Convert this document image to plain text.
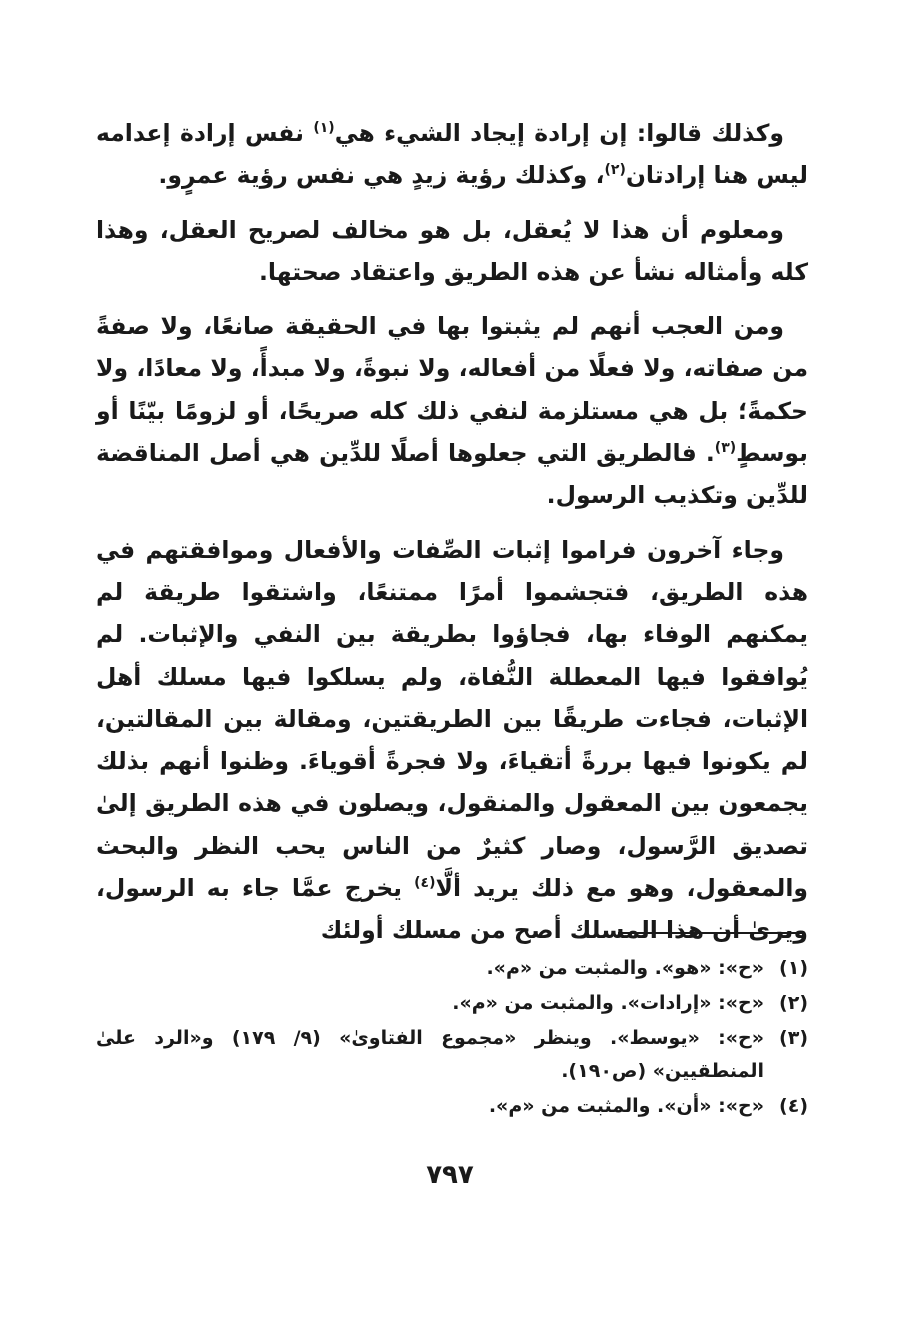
وكذلك قالوا: إن إرادة إيجاد الشيء هي$^{(١)}$ نفس إرادة إعدامه ليس هنا إرادتان$^{(٢)}$، وكذلك رؤية زيدٍ هي نفس رؤية عمرٍو.

ومعلوم أن هذا لا يُعقل، بل هو مخالف لصريح العقل، وهذا كله وأمثاله نشأ عن هذه الطريق واعتقاد صحتها.

ومن العجب أنهم لم يثبتوا بها في الحقيقة صانعًا، ولا صفةً من صفاته، ولا فعلًا من أفعاله، ولا نبوةً، ولا مبدأً، ولا معادًا، ولا حكمةً؛ بل هي مستلزمة لنفي ذلك كله صريحًا، أو لزومًا بيّنًا أو بوسطٍ$^{(٣)}$. فالطريق التي جعلوها أصلًا للدِّين هي أصل المناقضة للدِّين وتكذيب الرسول.

وجاء آخرون فراموا إثبات الصِّفات والأفعال وموافقتهم في هذه الطريق، فتجشموا أمرًا ممتنعًا، واشتقوا طريقة لم يمكنهم الوفاء بها، فجاؤوا بطريقة بين النفي والإثبات. لم يُوافقوا فيها المعطلة النُّفاة، ولم يسلكوا فيها مسلك أهل الإثبات، فجاءت طريقًا بين الطريقتين، ومقالة بين المقالتين، لم يكونوا فيها بررةً أتقياءَ، ولا فجرةً أقوياءَ. وظنوا أنهم بذلك يجمعون بين المعقول والمنقول، ويصلون في هذه الطريق إلىٰ تصديق الرَّسول، وصار كثيرٌ من الناس يحب النظر والبحث والمعقول، وهو مع ذلك يريد ألَّا$^{(٤)}$ يخرج عمَّا جاء به الرسول، ويرىٰ أن هذا المسلك أصح من مسلك أولئك

(١)
«ح»: «هو». والمثبت من «م».
(٢)
«ح»: «إرادات». والمثبت من «م».
(٣)
«ح»: «يوسط». وينظر «مجموع الفتاوىٰ» (٩/ ١٧٩) و«الرد علىٰ المنطقيين» (ص١٩٠).
(٤)
«ح»: «أن». والمثبت من «م».
٧٩٧
